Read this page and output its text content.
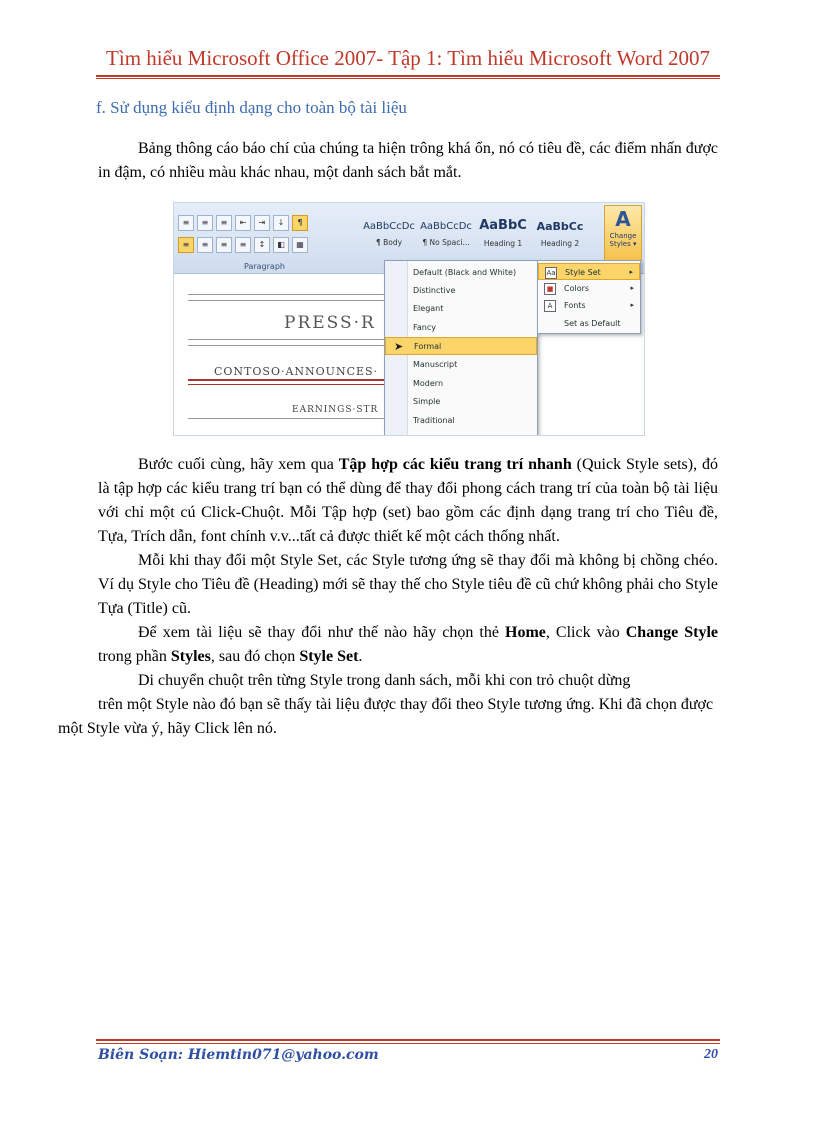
Tìm hiểu Microsoft Office 2007- Tập 1: Tìm hiểu Microsoft Word 2007
f. Sử dụng kiểu định dạng cho toàn bộ tài liệu

Bảng thông cáo báo chí của chúng ta hiện trông khá ổn, nó có tiêu đề, các điểm nhấn được in đậm, có nhiều màu khác nhau, một danh sách bắt mắt.

≡	≡	≡	⇤	⇥	↓	¶
≡	≡	≡	≡	↕	◧	▦
Paragraph
AaBbCcDc
¶ Body
AaBbCcDc
¶ No Spaci...
AaBbC
Heading 1
AaBbCc
Heading 2
A
Change
Styles ▾
PRESS·R
CONTOSO·ANNOUNCES·
EARNINGS·STR
Default (Black and White)
Distinctive
Elegant
Fancy
Formal
Manuscript
Modern
Simple
Traditional
➤
Aa Style Set	▸
■	Colors	▸
A	Fonts	▸
Set as Default

Bước cuối cùng, hãy xem qua Tập hợp các kiểu trang trí nhanh (Quick Style sets), đó là tập hợp các kiểu trang trí bạn có thể dùng để thay đổi phong cách trang trí của toàn bộ tài liệu với chỉ một cú Click-Chuột. Mỗi Tập hợp (set) bao gồm các định dạng trang trí cho Tiêu đề, Tựa, Trích dẫn, font chính v.v...tất cả được thiết kế một cách thống nhất.

Mỗi khi thay đổi một Style Set, các Style tương ứng sẽ thay đổi mà không bị chồng chéo. Ví dụ Style cho Tiêu đề (Heading) mới sẽ thay thế cho Style tiêu đề cũ chứ không phải cho Style Tựa (Title) cũ.

Để xem tài liệu sẽ thay đổi như thế nào hãy chọn thẻ Home, Click vào Change Style trong phần Styles, sau đó chọn Style Set.

Di chuyển chuột trên từng Style trong danh sách, mỗi khi con trỏ chuột dừng
trên một Style nào đó bạn sẽ thấy tài liệu được thay đổi theo Style tương ứng. Khi đã chọn được một Style vừa ý, hãy Click lên nó.

Biên Soạn: Hiemtin071@yahoo.com	20
